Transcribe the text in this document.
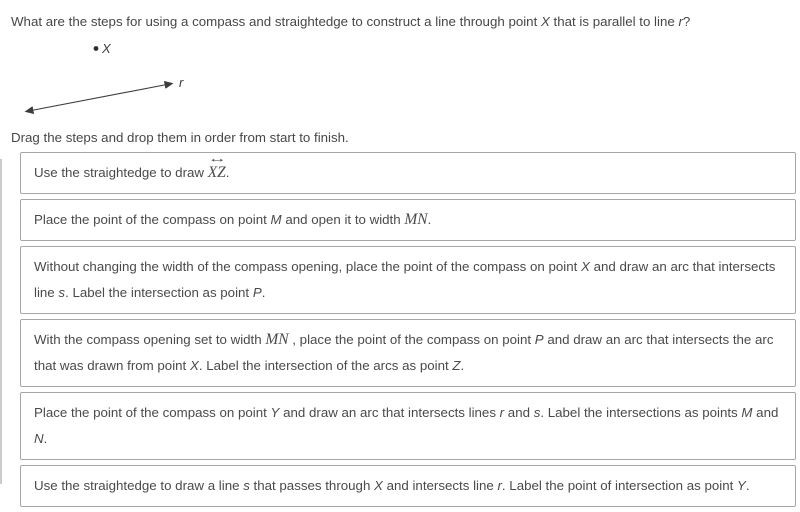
What are the steps for using a compass and straightedge to construct a line through point X that is parallel to line r?
X
r
Drag the steps and drop them in order from start to finish.
Use the straightedge to draw
↔
XZ.
Place the point of the compass on point M and open it to width MN.
Without changing the width of the compass opening, place the point of the compass on point X and draw an arc that intersects line s. Label the intersection as point P.
With the compass opening set to width MN , place the point of the compass on point P and draw an arc that intersects the arc that was drawn from point X. Label the intersection of the arcs as point Z.
Place the point of the compass on point Y and draw an arc that intersects lines r and s. Label the intersections as points M and N.
Use the straightedge to draw a line s that passes through X and intersects line r. Label the point of intersection as point Y.
